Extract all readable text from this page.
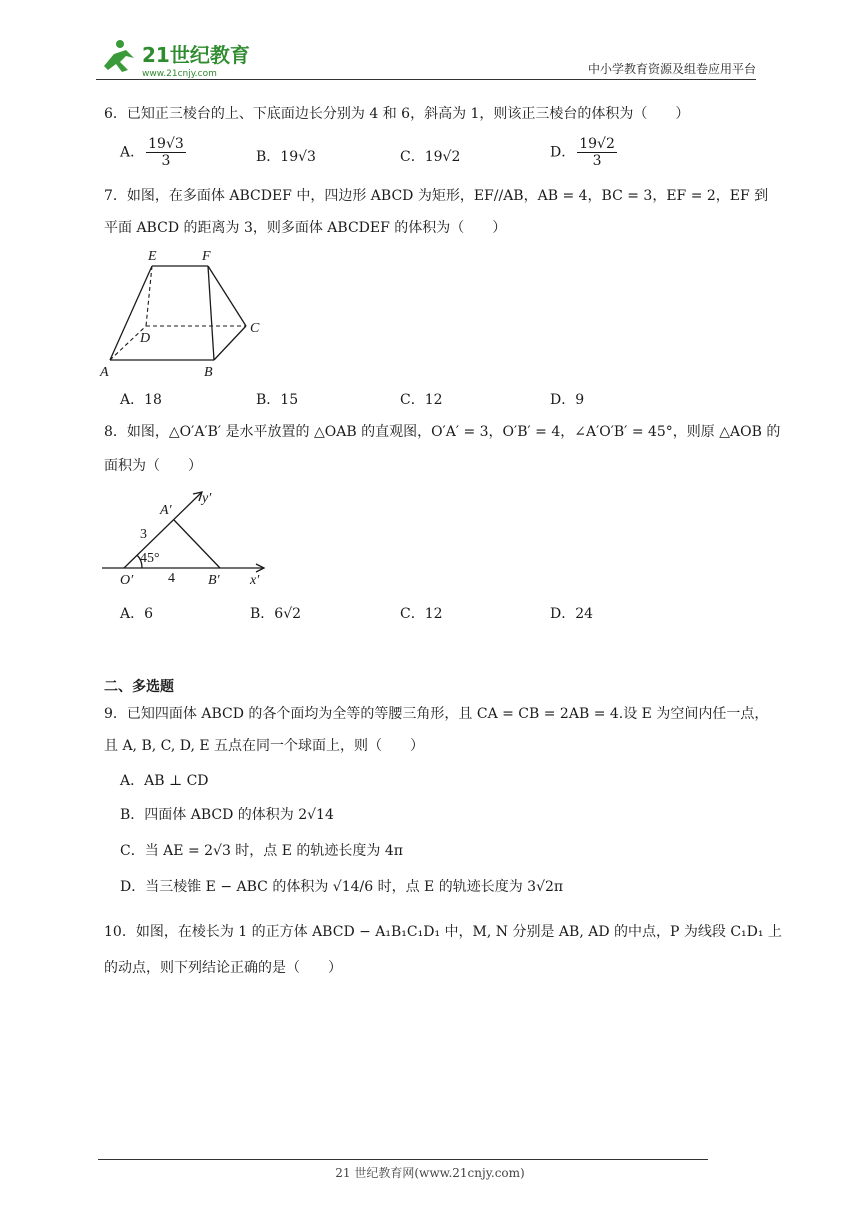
21世纪教育
www.21cnjy.com	中小学教育资源及组卷应用平台
6．已知正三棱台的上、下底面边长分别为 4 和 6，斜高为 1，则该正三棱台的体积为（　　）
A． $\frac{19√3}{3}$	B．19√3	C．19√2	D． $\frac{19√2}{3}$
7．如图，在多面体 ABCDEF 中，四边形 ABCD 为矩形，EF//AB，AB = 4，BC = 3，EF = 2，EF 到
平面 ABCD 的距离为 3，则多面体 ABCDEF 的体积为（　　）
E	F
C
D
A	B
A．18	B．15	C．12	D．9
8．如图，△O′A′B′ 是水平放置的 △OAB 的直观图，O′A′ = 3，O′B′ = 4，∠A′O′B′ = 45°，则原 △AOB 的
面积为（　　）
y′
A′
3
45°
O′ 4 B′ x′
A．6	B．6√2	C．12	D．24
二、多选题
9．已知四面体 ABCD 的各个面均为全等的等腰三角形，且 CA = CB = 2AB = 4.设 E 为空间内任一点，
且 A, B, C, D, E 五点在同一个球面上，则（　　）
A．AB ⊥ CD
B．四面体 ABCD 的体积为 2√14
C．当 AE = 2√3 时，点 E 的轨迹长度为 4π
D．当三棱锥 E − ABC 的体积为 √14/6 时，点 E 的轨迹长度为 3√2π
10．如图，在棱长为 1 的正方体 ABCD − A₁B₁C₁D₁ 中，M, N 分别是 AB, AD 的中点，P 为线段 C₁D₁ 上
的动点，则下列结论正确的是（　　）
21 世纪教育网(www.21cnjy.com)
